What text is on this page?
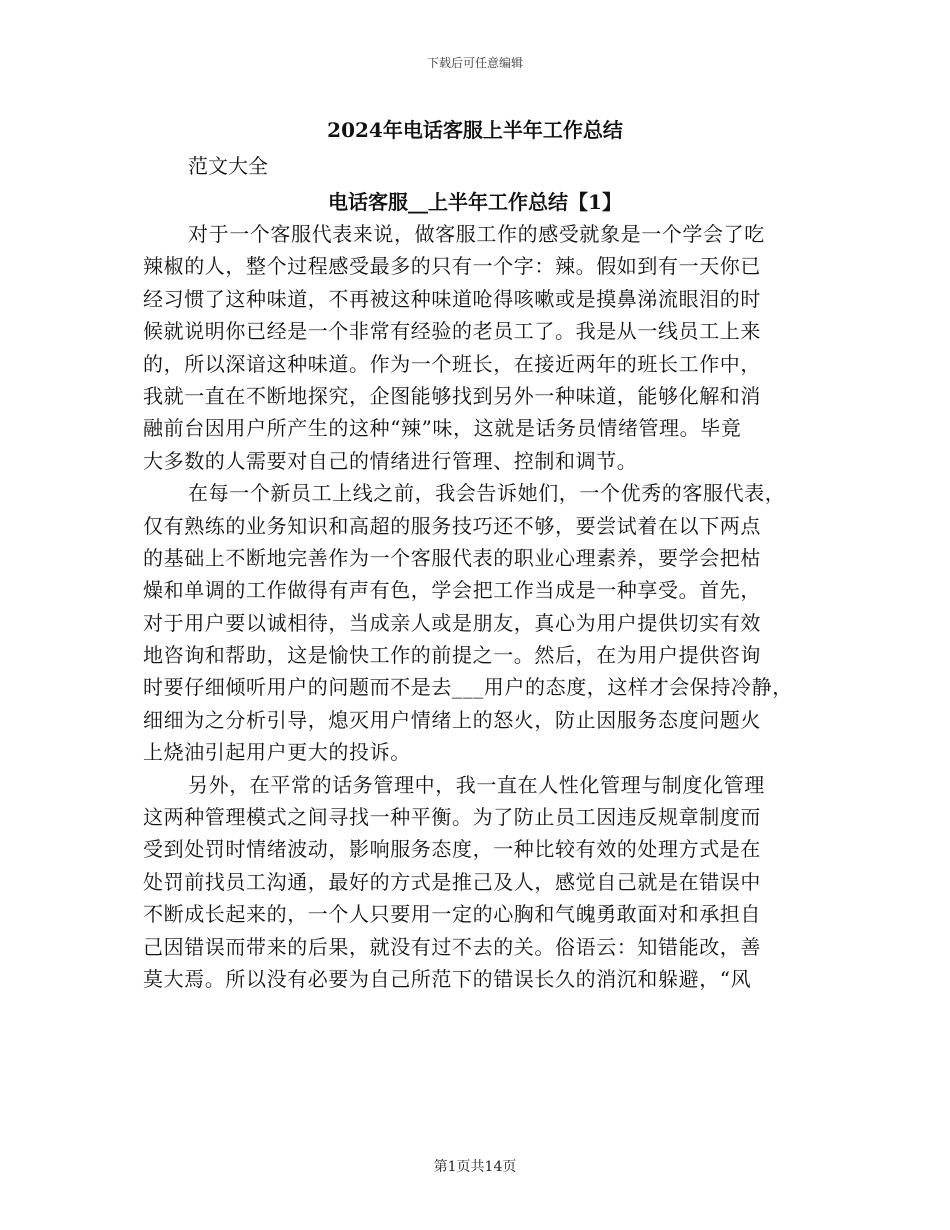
下载后可任意编辑
2024年电话客服上半年工作总结

范文大全

电话客服__上半年工作总结【1】
对于一个客服代表来说，做客服工作的感受就象是一个学会了吃
辣椒的人，整个过程感受最多的只有一个字：辣。假如到有一天你已
经习惯了这种味道，不再被这种味道呛得咳嗽或是摸鼻涕流眼泪的时
候就说明你已经是一个非常有经验的老员工了。我是从一线员工上来
的，所以深谙这种味道。作为一个班长，在接近两年的班长工作中，
我就一直在不断地探究，企图能够找到另外一种味道，能够化解和消
融前台因用户所产生的这种“辣”味，这就是话务员情绪管理。毕竟
大多数的人需要对自己的情绪进行管理、控制和调节。
在每一个新员工上线之前，我会告诉她们，一个优秀的客服代表，
仅有熟练的业务知识和高超的服务技巧还不够，要尝试着在以下两点
的基础上不断地完善作为一个客服代表的职业心理素养，要学会把枯
燥和单调的工作做得有声有色，学会把工作当成是一种享受。首先，
对于用户要以诚相待，当成亲人或是朋友，真心为用户提供切实有效
地咨询和帮助，这是愉快工作的前提之一。然后，在为用户提供咨询
时要仔细倾听用户的问题而不是去___用户的态度，这样才会保持冷静，
细细为之分析引导，熄灭用户情绪上的怒火，防止因服务态度问题火
上烧油引起用户更大的投诉。
另外，在平常的话务管理中，我一直在人性化管理与制度化管理
这两种管理模式之间寻找一种平衡。为了防止员工因违反规章制度而
受到处罚时情绪波动，影响服务态度，一种比较有效的处理方式是在
处罚前找员工沟通，最好的方式是推己及人，感觉自己就是在错误中
不断成长起来的，一个人只要用一定的心胸和气魄勇敢面对和承担自
己因错误而带来的后果，就没有过不去的关。俗语云：知错能改，善
莫大焉。所以没有必要为自己所范下的错误长久的消沉和躲避，“风
第1页共14页
